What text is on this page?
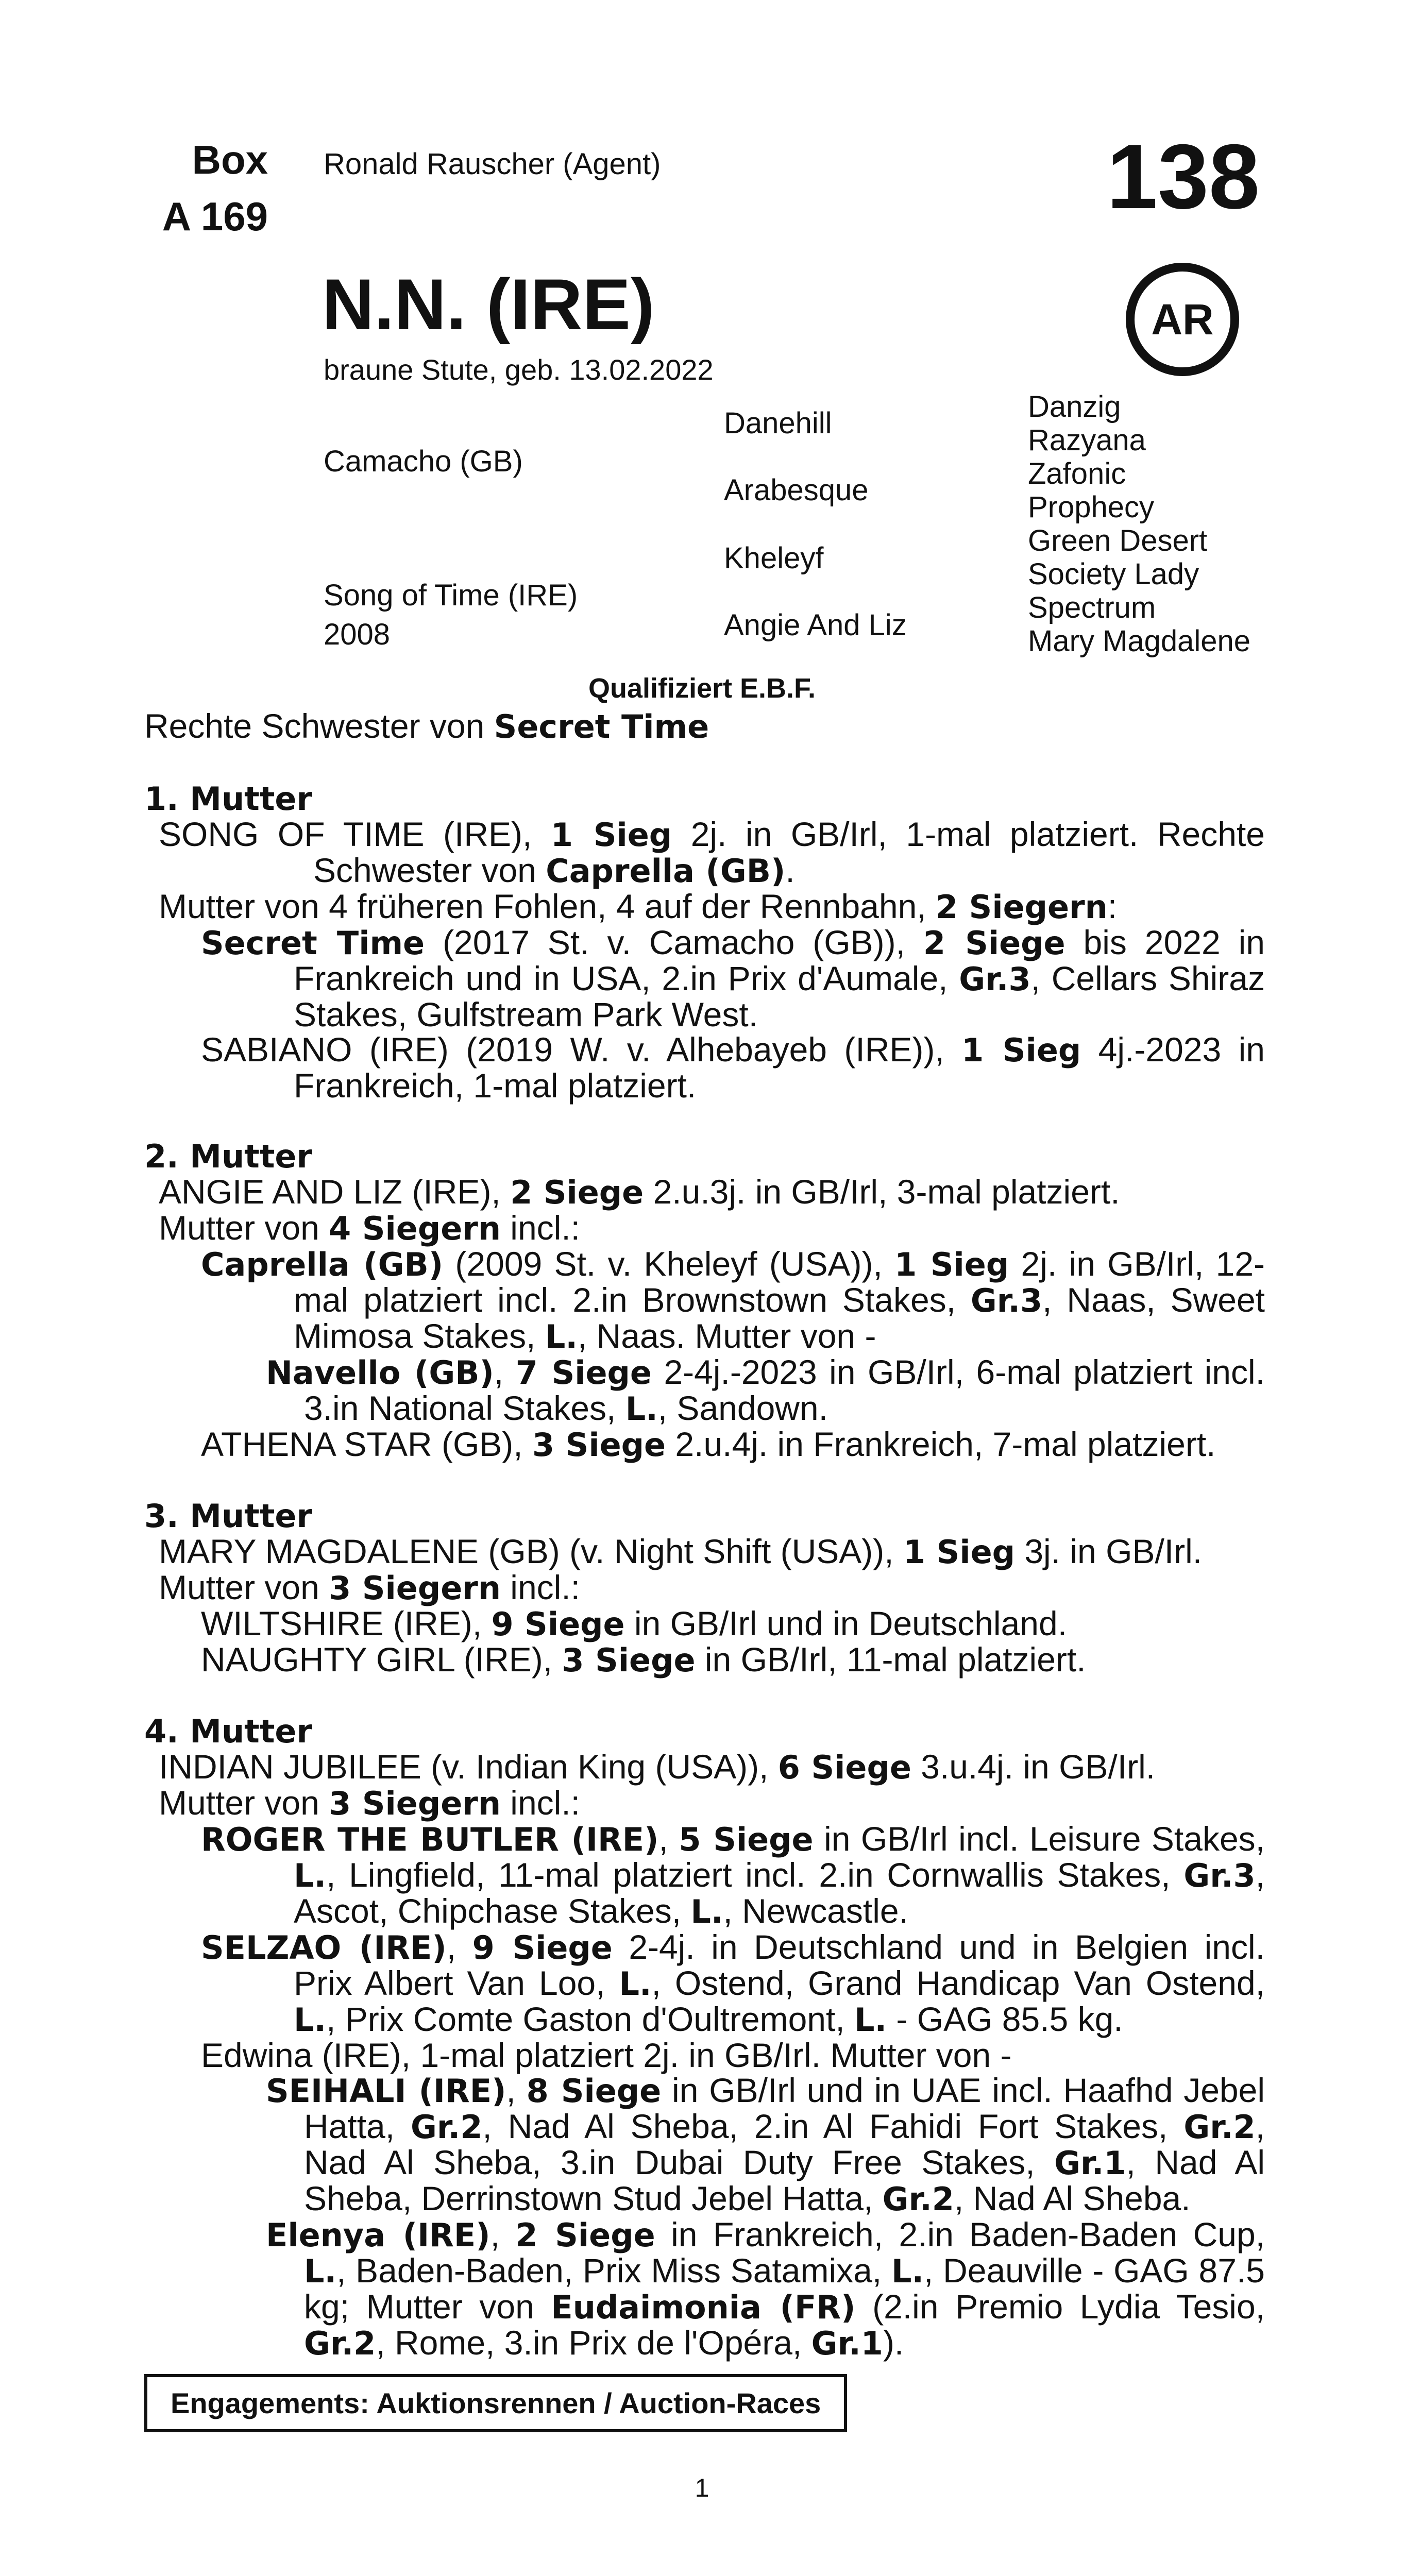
Box
A 169
Ronald Rauscher (Agent)	138
AR
N.N. (IRE)
braune Stute, geb. 13.02.2022
Camacho (GB)
Song of Time (IRE)
2008
Danehill
Arabesque
Kheleyf
Angie And Liz
Danzig
Razyana
Zafonic
Prophecy
Green Desert
Society Lady
Spectrum
Mary Magdalene
Qualifiziert E.B.F.
Rechte Schwester von Secret Time
1. Mutter
SONG OF TIME (IRE), 1 Sieg 2j. in GB/Irl, 1-mal platziert. Rechte Schwester von Caprella (GB).
Mutter von 4 früheren Fohlen, 4 auf der Rennbahn, 2 Siegern:
Secret Time (2017 St. v. Camacho (GB)), 2 Siege bis 2022 in Frankreich und in USA, 2.in Prix d'Aumale, Gr.3, Cellars Shiraz Stakes, Gulfstream Park West.
SABIANO (IRE) (2019 W. v. Alhebayeb (IRE)), 1 Sieg 4j.-2023 in Frankreich, 1-mal platziert.
2. Mutter
ANGIE AND LIZ (IRE), 2 Siege 2.u.3j. in GB/Irl, 3-mal platziert.
Mutter von 4 Siegern incl.:
Caprella (GB) (2009 St. v. Kheleyf (USA)), 1 Sieg 2j. in GB/Irl, 12-mal platziert incl. 2.in Brownstown Stakes, Gr.3, Naas, Sweet Mimosa Stakes, L., Naas. Mutter von -
Navello (GB), 7 Siege 2-4j.-2023 in GB/Irl, 6-mal platziert incl. 3.in National Stakes, L., Sandown.
ATHENA STAR (GB), 3 Siege 2.u.4j. in Frankreich, 7-mal platziert.
3. Mutter
MARY MAGDALENE (GB) (v. Night Shift (USA)), 1 Sieg 3j. in GB/Irl.
Mutter von 3 Siegern incl.:
WILTSHIRE (IRE), 9 Siege in GB/Irl und in Deutschland.
NAUGHTY GIRL (IRE), 3 Siege in GB/Irl, 11-mal platziert.
4. Mutter
INDIAN JUBILEE (v. Indian King (USA)), 6 Siege 3.u.4j. in GB/Irl.
Mutter von 3 Siegern incl.:
ROGER THE BUTLER (IRE), 5 Siege in GB/Irl incl. Leisure Stakes, L., Lingfield, 11-mal platziert incl. 2.in Cornwallis Stakes, Gr.3, Ascot, Chipchase Stakes, L., Newcastle.
SELZAO (IRE), 9 Siege 2-4j. in Deutschland und in Belgien incl. Prix Albert Van Loo, L., Ostend, Grand Handicap Van Ostend, L., Prix Comte Gaston d'Oultremont, L. - GAG 85.5 kg.
Edwina (IRE), 1-mal platziert 2j. in GB/Irl. Mutter von -
SEIHALI (IRE), 8 Siege in GB/Irl und in UAE incl. Haafhd Jebel Hatta, Gr.2, Nad Al Sheba, 2.in Al Fahidi Fort Stakes, Gr.2, Nad Al Sheba, 3.in Dubai Duty Free Stakes, Gr.1, Nad Al Sheba, Derrinstown Stud Jebel Hatta, Gr.2, Nad Al Sheba.
Elenya (IRE), 2 Siege in Frankreich, 2.in Baden-Baden Cup, L., Baden-Baden, Prix Miss Satamixa, L., Deauville - GAG 87.5 kg; Mutter von Eudaimonia (FR) (2.in Premio Lydia Tesio, Gr.2, Rome, 3.in Prix de l'Opéra, Gr.1).
Engagements: Auktionsrennen / Auction-Races
1
